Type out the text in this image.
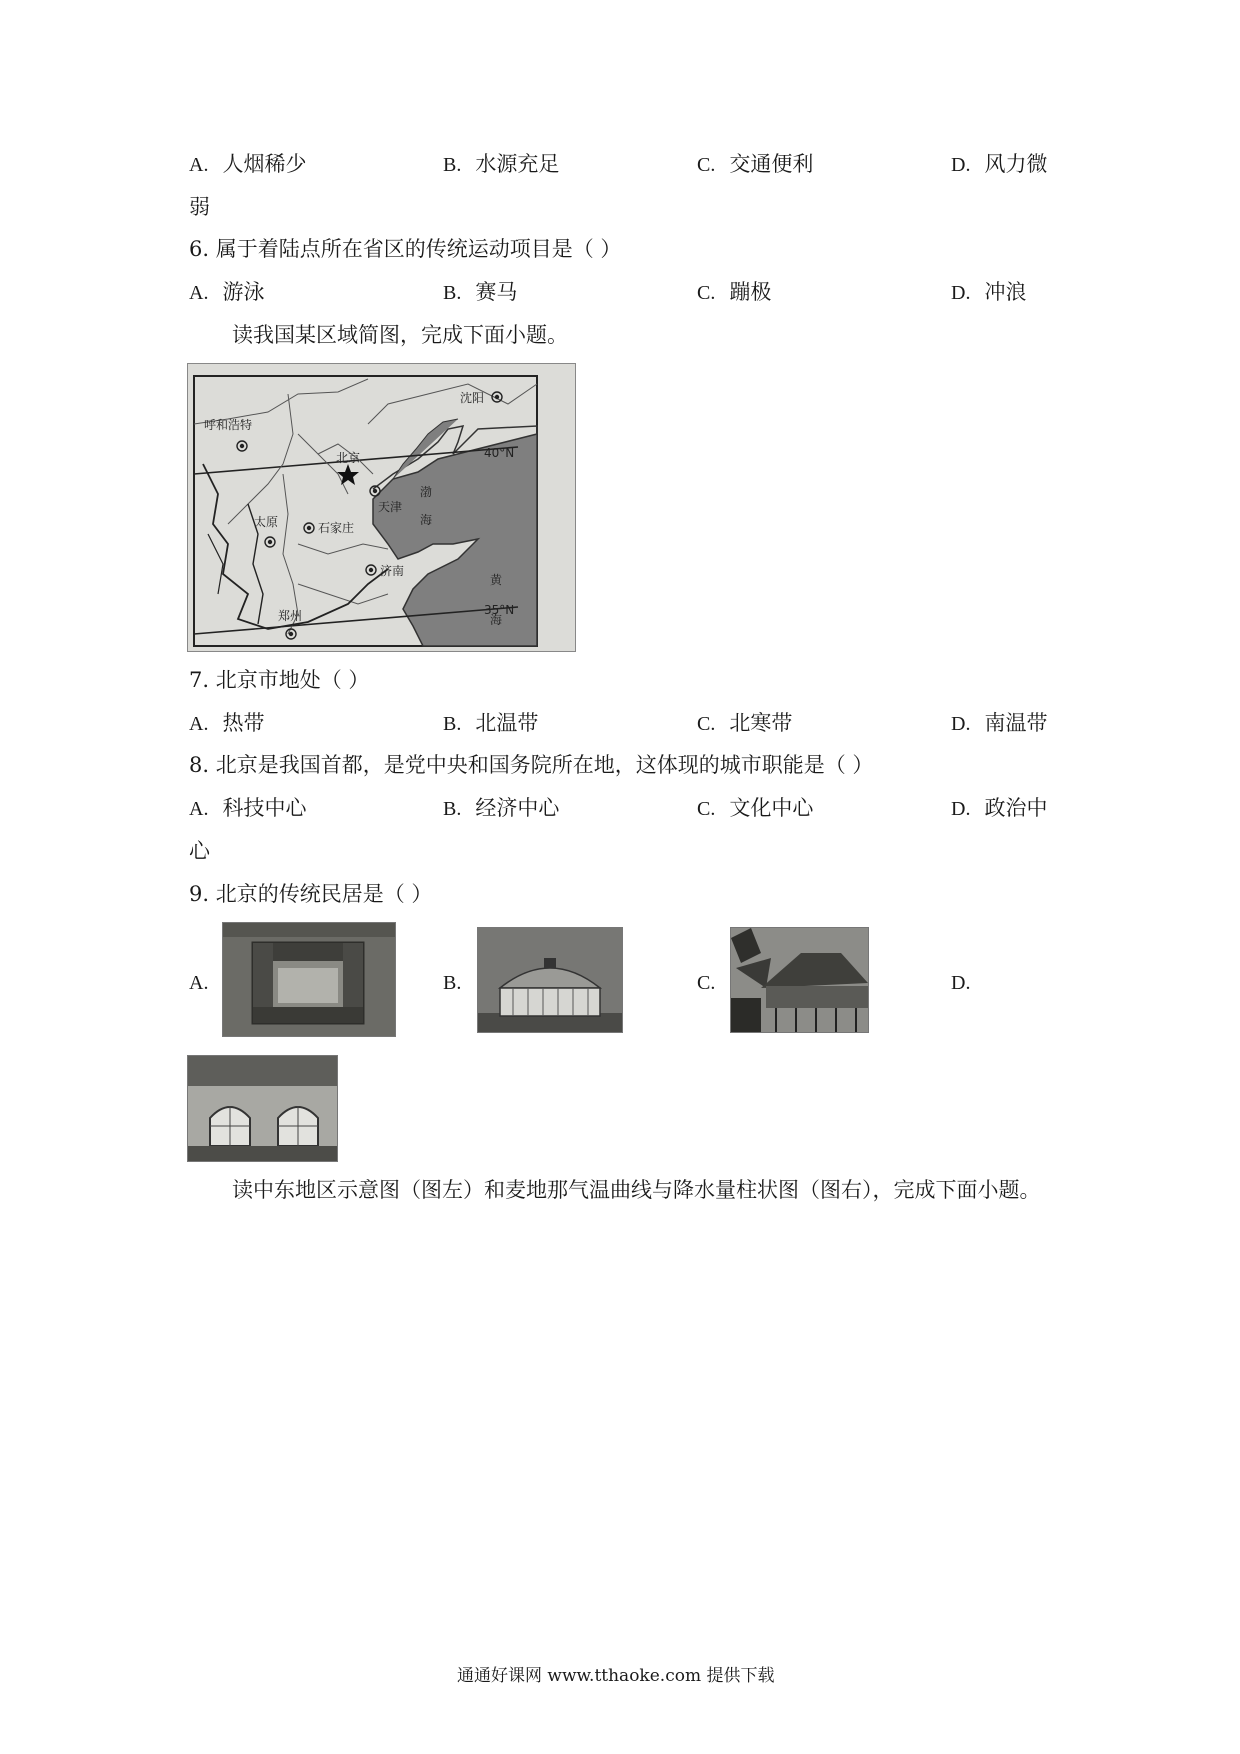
A. 人烟稀少	B. 水源充足	C. 交通便利	D. 风力微
弱
6. 属于着陆点所在省区的传统运动项目是（ ）
A. 游泳	B. 赛马	C. 蹦极	D. 冲浪
读我国某区域简图，完成下面小题。
沈阳
呼和浩特
北京	40°N
天津
渤
海
太原	石家庄
济南
黄
郑州	35°N
海
7. 北京市地处（ ）
A. 热带	B. 北温带	C. 北寒带	D. 南温带
8. 北京是我国首都，是党中央和国务院所在地，这体现的城市职能是（ ）
A. 科技中心	B. 经济中心	C. 文化中心	D. 政治中
心
9. 北京的传统民居是（ ）
A.	B.	C.	D.
读中东地区示意图（图左）和麦地那气温曲线与降水量柱状图（图右），完成下面小题。
通通好课网 www.tthaoke.com 提供下载
